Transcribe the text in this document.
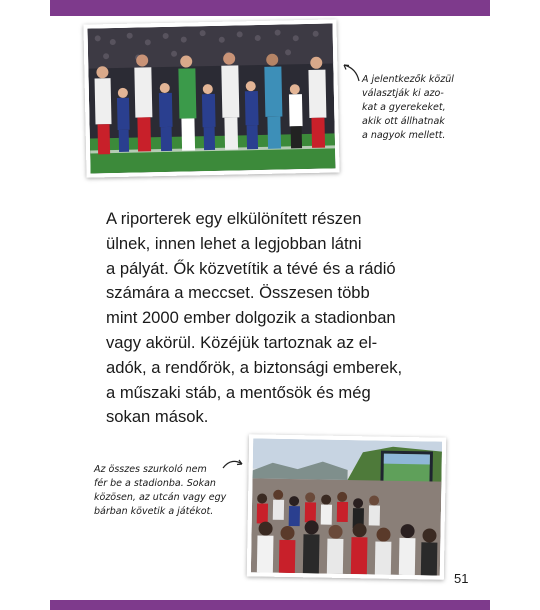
A jelentkezők közül
választják ki azo-
kat a gyerekeket,
akik ott állhatnak
a nagyok mellett.

A riporterek egy elkülönített részen
ülnek, innen lehet a legjobban látni
a pályát. Ők közvetítik a tévé és a rádió
számára a meccset. Összesen több
mint 2000 ember dolgozik a stadionban
vagy akörül. Közéjük tartoznak az el-
adók, a rendőrök, a biztonsági emberek,
a műszaki stáb, a mentősök és még
sokan mások.

Az összes szurkoló nem
fér be a stadionba. Sokan
közösen, az utcán vagy egy
bárban követik a játékot.
51
